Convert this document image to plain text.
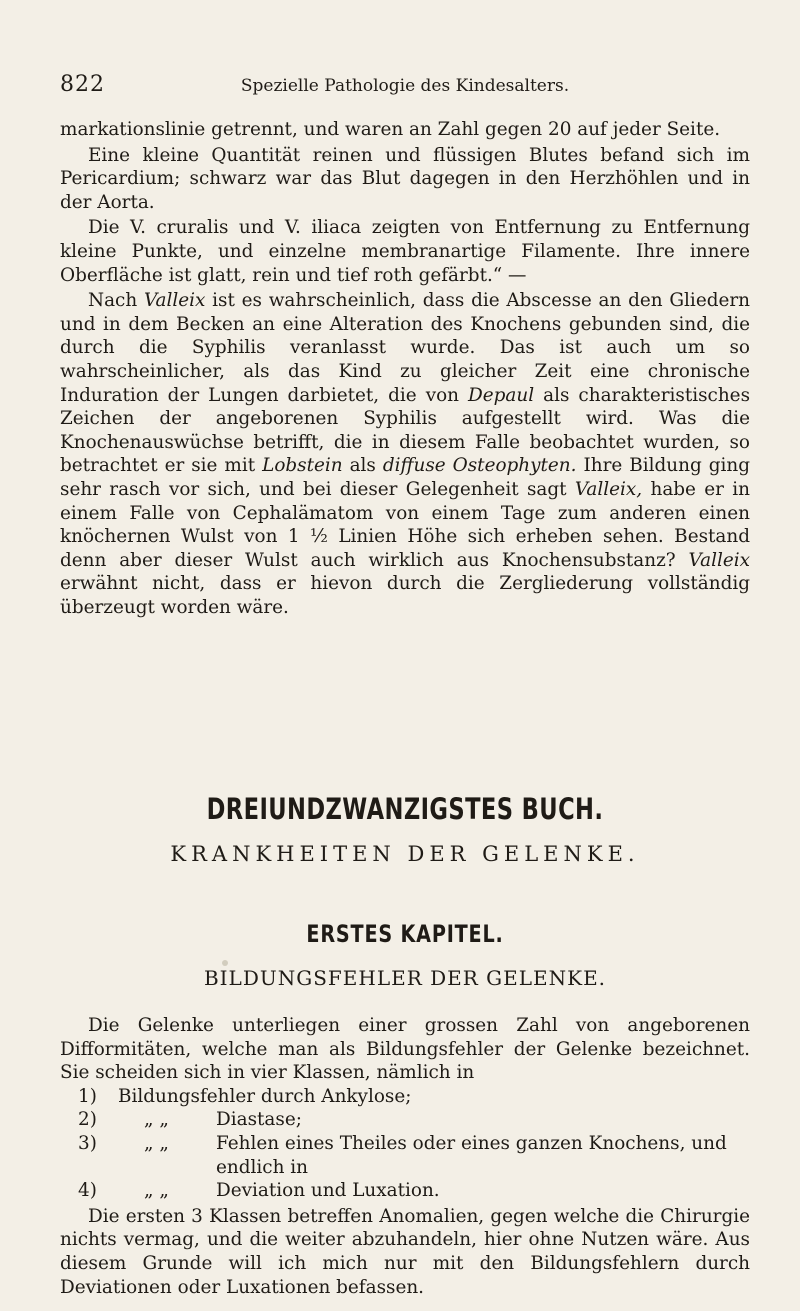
822	Spezielle Pathologie des Kindesalters.

markationslinie getrennt, und waren an Zahl gegen 20 auf jeder Seite.

Eine kleine Quantität reinen und flüssigen Blutes befand sich im Pericardium; schwarz war das Blut dagegen in den Herzhöhlen und in der Aorta.

Die V. cruralis und V. iliaca zeigten von Entfernung zu Entfernung kleine Punkte, und einzelne membranartige Filamente. Ihre innere Oberfläche ist glatt, rein und tief roth gefärbt.“ —

Nach Valleix ist es wahrscheinlich, dass die Abscesse an den Gliedern und in dem Becken an eine Alteration des Knochens gebunden sind, die durch die Syphilis veranlasst wurde. Das ist auch um so wahrscheinlicher, als das Kind zu gleicher Zeit eine chronische Induration der Lungen darbietet, die von Depaul als charakteristisches Zeichen der angeborenen Syphilis aufgestellt wird. Was die Knochenauswüchse betrifft, die in diesem Falle beobachtet wurden, so betrachtet er sie mit Lobstein als diffuse Osteophyten. Ihre Bildung ging sehr rasch vor sich, und bei dieser Gelegenheit sagt Valleix, habe er in einem Falle von Cephalämatom von einem Tage zum anderen einen knöchernen Wulst von 1 ½ Linien Höhe sich erheben sehen. Bestand denn aber dieser Wulst auch wirklich aus Knochensubstanz? Valleix erwähnt nicht, dass er hievon durch die Zergliederung vollständig überzeugt worden wäre.

DREIUNDZWANZIGSTES BUCH.
KRANKHEITEN DER GELENKE.
ERSTES KAPITEL.
BILDUNGSFEHLER DER GELENKE.

Die Gelenke unterliegen einer grossen Zahl von angeborenen Difformitäten, welche man als Bildungsfehler der Gelenke bezeichnet. Sie scheiden sich in vier Klassen, nämlich in

1)	Bildungsfehler durch Ankylose;
2)	„ „	Diastase;
3)	„ „	Fehlen eines Theiles oder eines ganzen Knochens, und endlich in
4)	„ „	Deviation und Luxation.

Die ersten 3 Klassen betreffen Anomalien, gegen welche die Chirurgie nichts vermag, und die weiter abzuhandeln, hier ohne Nutzen wäre. Aus diesem Grunde will ich mich nur mit den Bildungsfehlern durch Deviationen oder Luxationen befassen.
